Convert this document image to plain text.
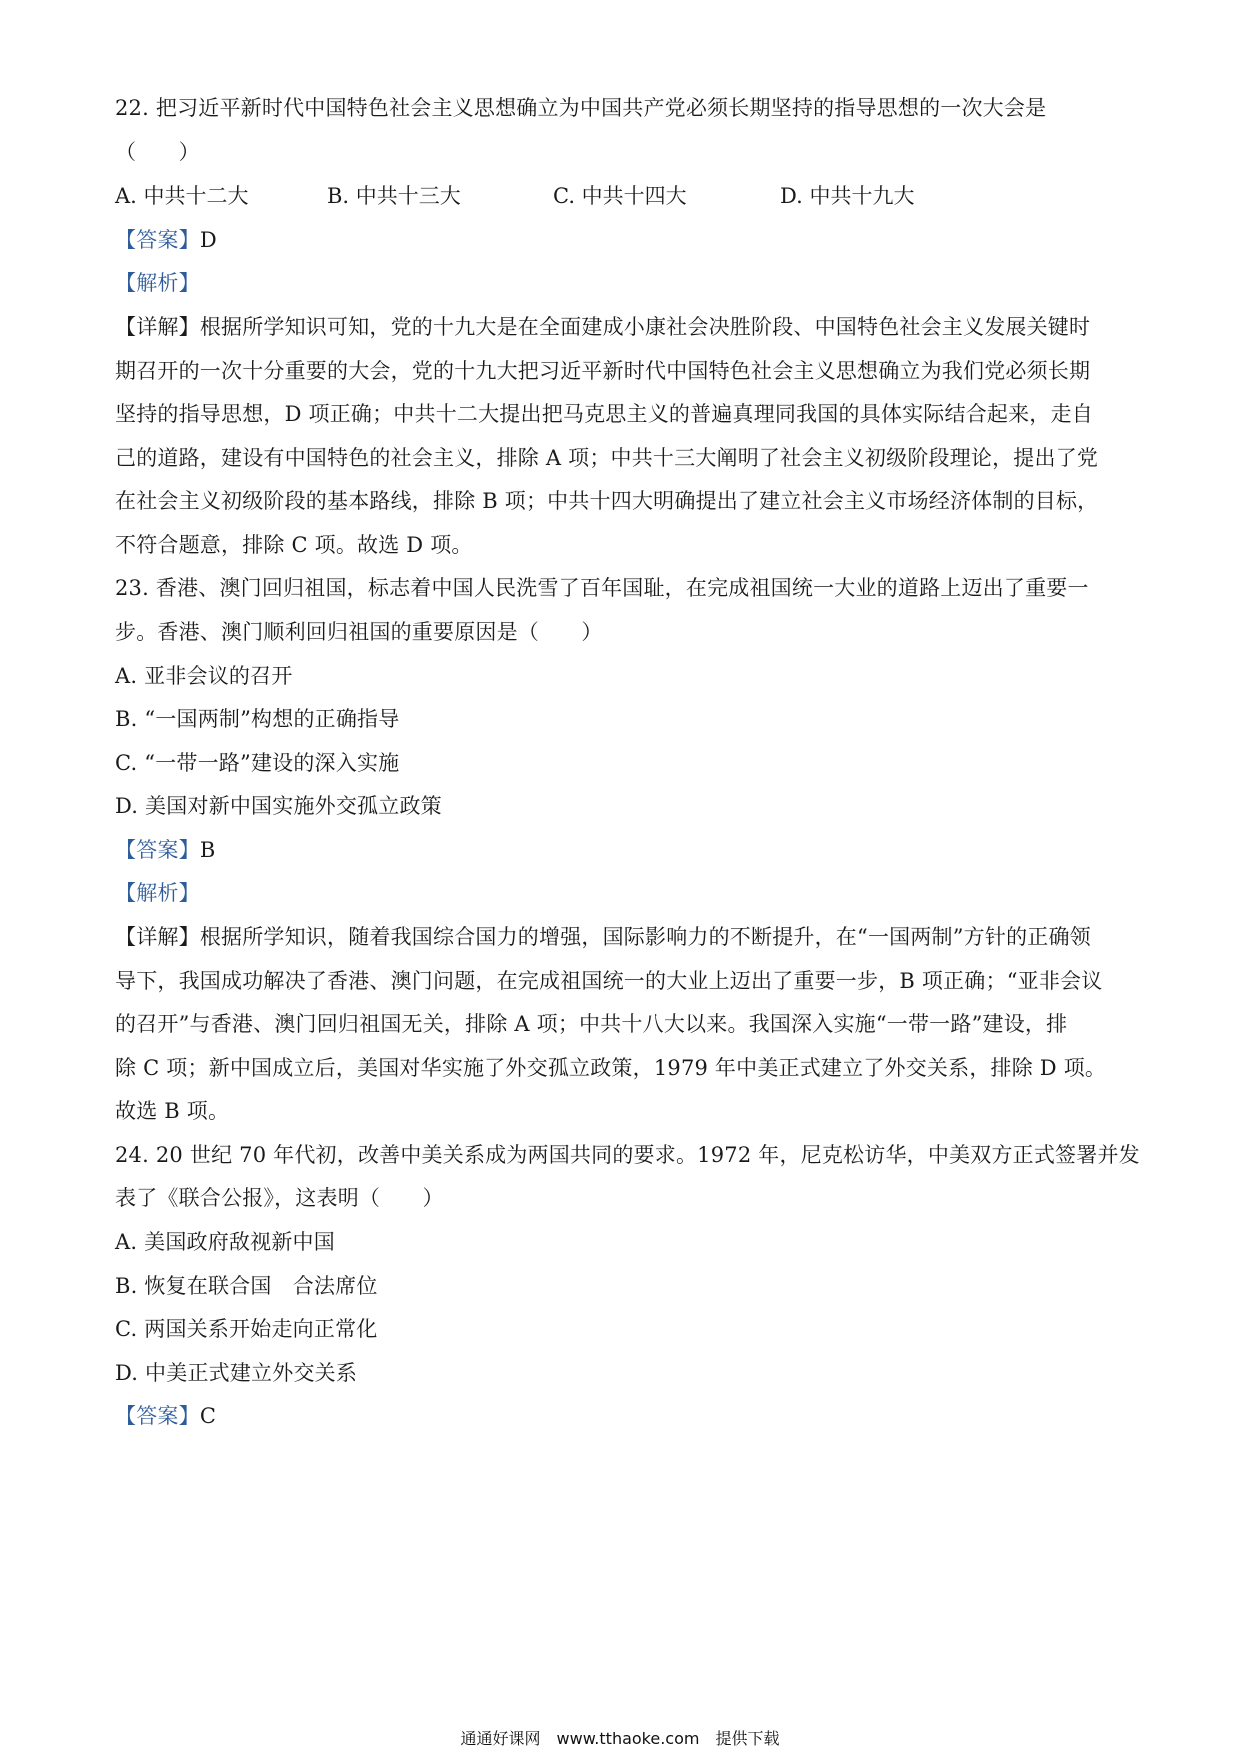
22. 把习近平新时代中国特色社会主义思想确立为中国共产党必须长期坚持的指导思想的一次大会是
（　　）
A. 中共十二大	B. 中共十三大	C. 中共十四大	D. 中共十九大
【答案】D
【解析】
【详解】根据所学知识可知，党的十九大是在全面建成小康社会决胜阶段、中国特色社会主义发展关键时
期召开的一次十分重要的大会，党的十九大把习近平新时代中国特色社会主义思想确立为我们党必须长期
坚持的指导思想，D 项正确；中共十二大提出把马克思主义的普遍真理同我国的具体实际结合起来，走自
己的道路，建设有中国特色的社会主义，排除 A 项；中共十三大阐明了社会主义初级阶段理论，提出了党
在社会主义初级阶段的基本路线，排除 B 项；中共十四大明确提出了建立社会主义市场经济体制的目标，
不符合题意，排除 C 项。故选 D 项。
23. 香港、澳门回归祖国，标志着中国人民洗雪了百年国耻，在完成祖国统一大业的道路上迈出了重要一
步。香港、澳门顺利回归祖国的重要原因是（　　）
A. 亚非会议的召开
B. “一国两制”构想的正确指导
C. “一带一路”建设的深入实施
D. 美国对新中国实施外交孤立政策
【答案】B
【解析】
【详解】根据所学知识，随着我国综合国力的增强，国际影响力的不断提升，在“一国两制”方针的正确领
导下，我国成功解决了香港、澳门问题，在完成祖国统一的大业上迈出了重要一步，B 项正确；“亚非会议
的召开”与香港、澳门回归祖国无关，排除 A 项；中共十八大以来。我国深入实施“一带一路”建设，排
除 C 项；新中国成立后，美国对华实施了外交孤立政策，1979 年中美正式建立了外交关系，排除 D 项。
故选 B 项。
24. 20 世纪 70 年代初，改善中美关系成为两国共同的要求。1972 年，尼克松访华，中美双方正式签署并发
表了《联合公报》，这表明（　　）
A. 美国政府敌视新中国
B. 恢复在联合国　合法席位
C. 两国关系开始走向正常化
D. 中美正式建立外交关系
【答案】C
通通好课网　www.tthaoke.com　提供下载
